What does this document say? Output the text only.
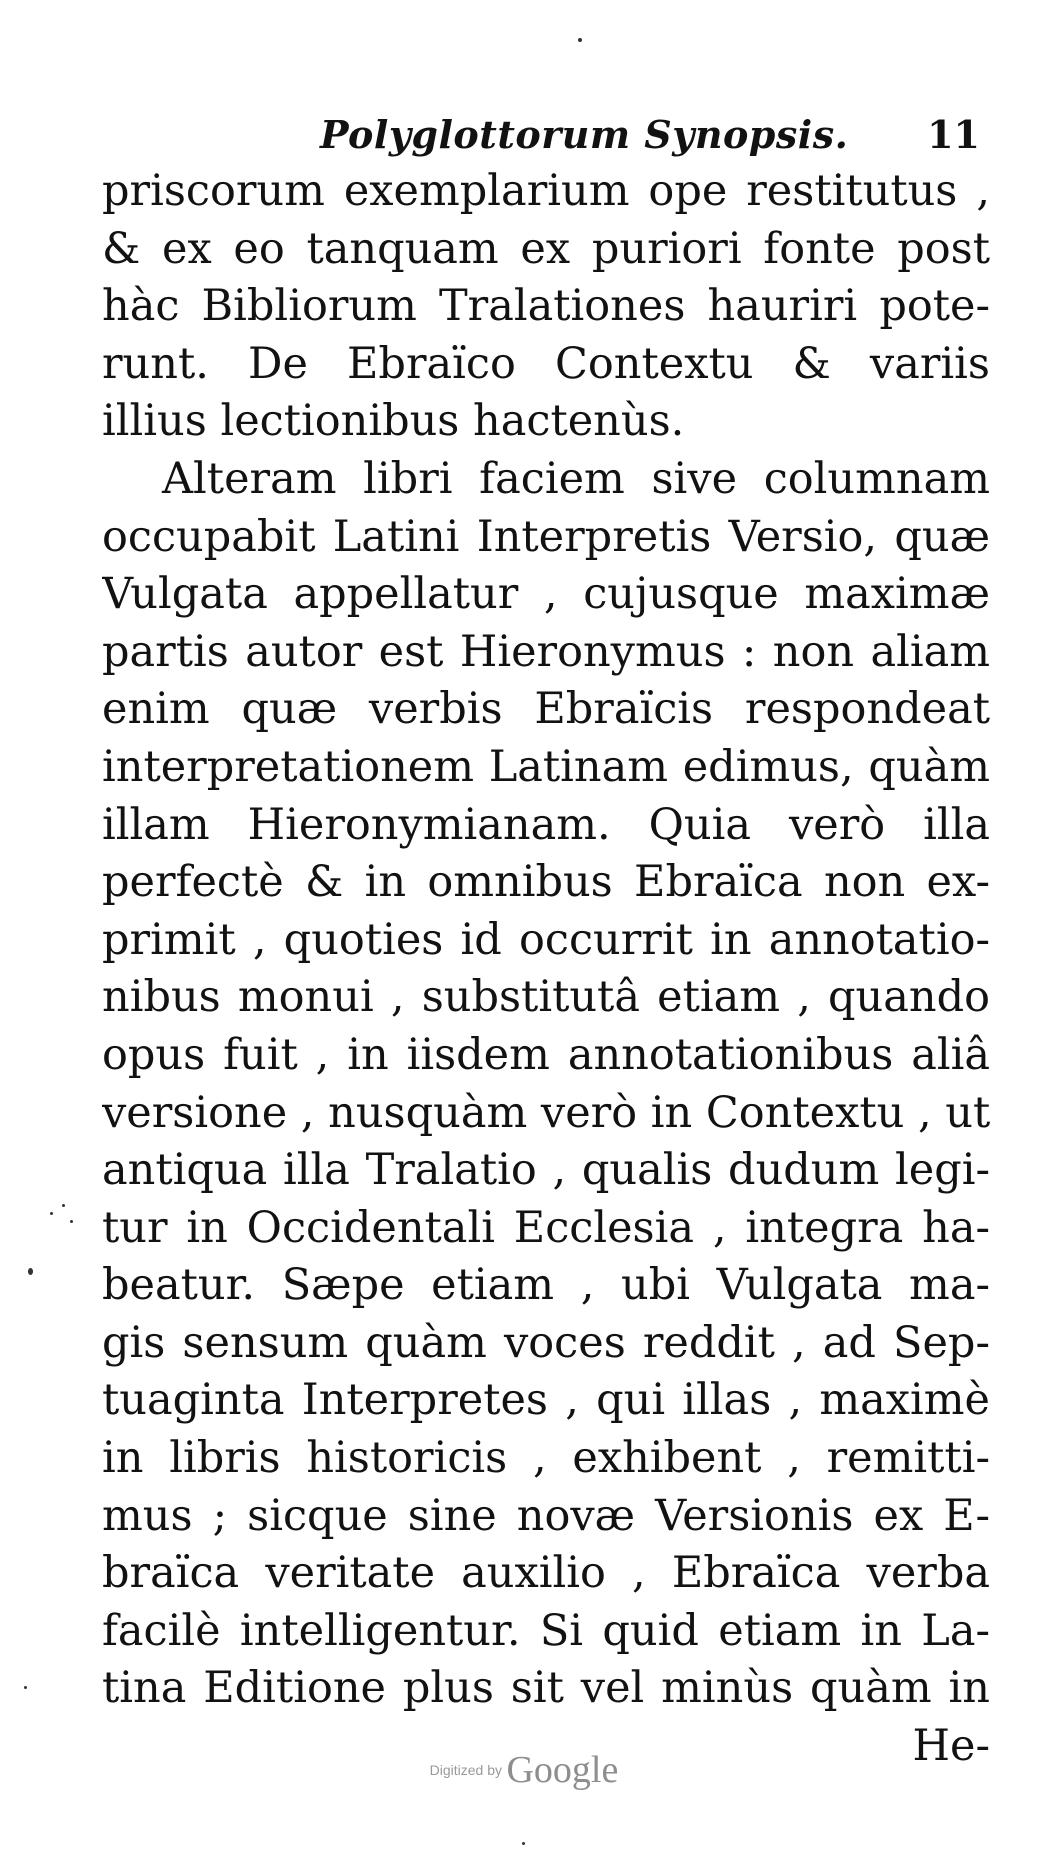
Polyglottorum Synopsis. 11
priscorum exemplarium ope restitutus ,
& ex eo tanquam ex puriori fonte post
hàc Bibliorum Tralationes hauriri pote-
runt. De Ebraïco Contextu & variis
illius lectionibus hactenùs.
Alteram libri faciem sive columnam
occupabit Latini Interpretis Versio, quæ
Vulgata appellatur , cujusque maximæ
partis autor est Hieronymus : non aliam
enim quæ verbis Ebraïcis respondeat
interpretationem Latinam edimus, quàm
illam Hieronymianam. Quia verò illa
perfectè & in omnibus Ebraïca non ex-
primit , quoties id occurrit in annotatio-
nibus monui , substitutâ etiam , quando
opus fuit , in iisdem annotationibus aliâ
versione , nusquàm verò in Contextu , ut
antiqua illa Tralatio , qualis dudum legi-
tur in Occidentali Ecclesia , integra ha-
beatur. Sæpe etiam , ubi Vulgata ma-
gis sensum quàm voces reddit , ad Sep-
tuaginta Interpretes , qui illas , maximè
in libris historicis , exhibent , remitti-
mus ; sicque sine novæ Versionis ex E-
braïca veritate auxilio , Ebraïca verba
facilè intelligentur. Si quid etiam in La-
tina Editione plus sit vel minùs quàm in
He-
Digitized by Google
